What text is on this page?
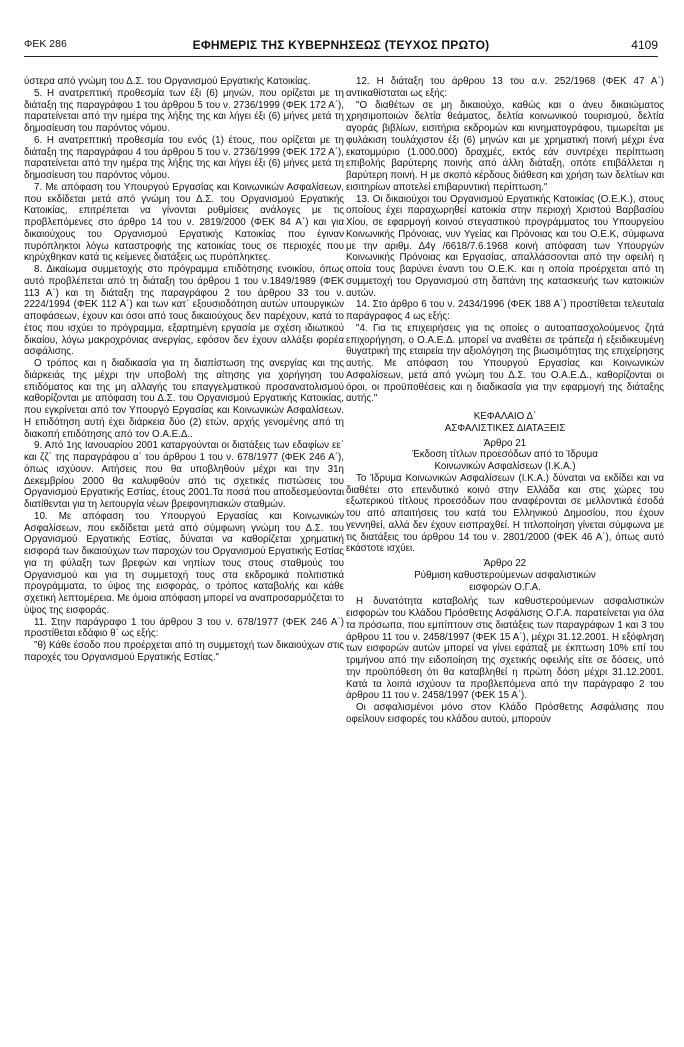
ΦΕΚ 286	ΕΦΗΜΕΡΙΣ ΤΗΣ ΚΥΒΕΡΝΗΣΕΩΣ (ΤΕΥΧΟΣ ΠΡΩΤΟ)	4109

ύστερα από γνώμη του Δ.Σ. του Οργανισμού Εργατικής Κατοικίας.

5. Η ανατρεπτική προθεσμία των έξι (6) μηνών, που ορίζεται με τη διάταξη της παραγράφου 1 του άρθρου 5 του ν. 2736/1999 (ΦΕΚ 172 Α΄), παρατείνεται από την ημέρα της λήξης της και λήγει έξι (6) μήνες μετά τη δημοσίευση του παρόντος νόμου.

6. Η ανατρεπτική προθεσμία του ενός (1) έτους, που ορίζεται με τη διάταξη της παραγράφου 4 του άρθρου 5 του ν. 2736/1999 (ΦΕΚ 172 Α΄), παρατείνεται από την ημέρα της λήξης της και λήγει έξι (6) μήνες μετά τη δημοσίευση του παρόντος νόμου.

7. Με απόφαση του Υπουργού Εργασίας και Κοινωνικών Ασφαλίσεων, που εκδίδεται μετά από γνώμη του Δ.Σ. του Οργανισμού Εργατικής Κατοικίας, επιτρέπεται να γίνονται ρυθμίσεις ανάλογες με τις προβλεπόμενες στο άρθρο 14 του ν. 2819/2000 (ΦΕΚ 84 Α΄) και για δικαιούχους του Οργανισμού Εργατικής Κατοικίας που έγιναν πυρόπληκτοι λόγω καταστροφής της κατοικίας τους σε περιοχές που κηρύχθηκαν κατά τις κείμενες διατάξεις ως πυρόπληκτες.

8. Δικαίωμα συμμετοχής στο πρόγραμμα επιδότησης ενοικίου, όπως αυτό προβλέπεται από τη διάταξη του άρθρου 1 του ν.1849/1989 (ΦΕΚ 113 Α΄) και τη διάταξη της παραγράφου 2 του άρθρου 33 του ν. 2224/1994 (ΦΕΚ 112 Α΄) και των κατ΄ εξουσιοδότηση αυτών υπουργικών αποφάσεων, έχουν και όσοι από τους δικαιούχους δεν παρέχουν, κατά το έτος που ισχύει το πρόγραμμα, εξαρτημένη εργασία με σχέση ιδιωτικού δικαίου, λόγω μακροχρόνιας ανεργίας, εφόσον δεν έχουν αλλάξει φορέα ασφάλισης.

Ο τρόπος και η διαδικασία για τη διαπίστωση της ανεργίας και της διάρκειάς της μέχρι την υποβολή της αίτησης για χορήγηση του επιδόματος και της μη αλλαγής του επαγγελματικού προσανατολισμού καθορίζονται με απόφαση του Δ.Σ. του Οργανισμού Εργατικής Κατοικίας, που εγκρίνεται από τον Υπουργό Εργασίας και Κοινωνικών Ασφαλίσεων. Η επιδότηση αυτή έχει διάρκεια δύο (2) ετών, αρχής γενομένης από τη διακοπή επιδότησης από τον Ο.Α.Ε.Δ..

9. Από 1ης Ιανουαρίου 2001 καταργούνται οι διατάξεις των εδαφίων εε΄ και ζζ΄ της παραγράφου α΄ του άρθρου 1 του ν. 678/1977 (ΦΕΚ 246 Α΄), όπως ισχύουν. Αιτήσεις που θα υποβληθούν μέχρι και την 31η Δεκεμβρίου 2000 θα καλυφθούν από τις σχετικές πιστώσεις του Οργανισμού Εργατικής Εστίας, έτους 2001.Τα ποσά που αποδεσμεύονται διατίθενται για τη λειτουργία νέων βρεφονηπιακών σταθμών.

10. Με απόφαση του Υπουργού Εργασίας και Κοινωνικών Ασφαλίσεων, που εκδίδεται μετά από σύμφωνη γνώμη του Δ.Σ. του Οργανισμού Εργατικής Εστίας, δύναται να καθορίζεται χρηματική εισφορά των δικαιούχων των παροχών του Οργανισμού Εργατικής Εστίας για τη φύλαξη των βρεφών και νηπίων τους στους σταθμούς του Οργανισμού και για τη συμμετοχή τους στα εκδρομικά πολιτιστικά προγράμματα, το ύψος της εισφοράς, ο τρόπος καταβολής και κάθε σχετική λεπτομέρεια. Με όμοια απόφαση μπορεί να αναπροσαρμόζεται το ύψος της εισφοράς.

11. Στην παράγραφο 1 του άρθρου 3 του ν. 678/1977 (ΦΕΚ 246 Α΄) προστίθεται εδάφιο θ΄ ως εξής:

"θ) Κάθε έσοδο που προέρχεται από τη συμμετοχή των δικαιούχων στις παροχές του Οργανισμού Εργατικής Εστίας."

12. Η διάταξη του άρθρου 13 του α.ν. 252/1968 (ΦΕΚ 47 Α΄) αντικαθίσταται ως εξής:

"Ο διαθέτων σε μη δικαιούχο, καθώς και ο άνευ δικαιώματος χρησιμοποιών δελτία θεάματος, δελτία κοινωνικού τουρισμού, δελτία αγοράς βιβλίων, εισιτήρια εκδρομών και κινηματογράφου, τιμωρείται με φυλάκιση τουλάχιστον έξι (6) μηνών και με χρηματική ποινή μέχρι ένα εκατομμύριο (1.000.000) δραχμές, εκτός εάν συντρέχει περίπτωση επιβολής βαρύτερης ποινής από άλλη διάταξη, οπότε επιβάλλεται η βαρύτερη ποινή. Η με σκοπό κέρδους διάθεση και χρήση των δελτίων και εισιτηρίων αποτελεί επιβαρυντική περίπτωση."

13. Οι δικαιούχοι του Οργανισμού Εργατικής Κατοικίας (Ο.Ε.Κ.), στους οποίους έχει παραχωρηθεί κατοικία στην περιοχή Χριστού Βαρβασίου Χίου, σε εφαρμογή κοινού στεγαστικού προγράμματος του Υπουργείου Κοινωνικής Πρόνοιας, νυν Υγείας και Πρόνοιας και του Ο.Ε.Κ, σύμφωνα με την αριθμ. Δ4γ /6618/7.6.1968 κοινή απόφαση των Υπουργών Κοινωνικής Πρόνοιας και Εργασίας, απαλλάσσονται από την οφειλή η οποία τους βαρύνει έναντι του Ο.Ε.Κ. και η οποία προέρχεται από τη συμμετοχή του Οργανισμού στη δαπάνη της κατασκευής των κατοικιών αυτών.

14. Στο άρθρο 6 του ν. 2434/1996 (ΦΕΚ 188 Α΄) προστίθεται τελευταία παράγραφος 4 ως εξής:

"4. Για τις επιχειρήσεις για τις οποίες ο αυτοαπασχολούμενος ζητά επιχορήγηση, ο Ο.Α.Ε.Δ. μπορεί να αναθέτει σε τράπεζα ή εξειδικευμένη θυγατρική της εταιρεία την αξιολόγηση της βιωσιμότητας της επιχείρησης αυτής. Με απόφαση του Υπουργού Εργασίας και Κοινωνικών Ασφαλίσεων, μετά από γνώμη του Δ.Σ. του Ο.Α.Ε.Δ., καθορίζονται οι όροι, οι προϋποθέσεις και η διαδικασία για την εφαρμογή της διάταξης αυτής."

ΚΕΦΑΛΑΙΟ Δ΄

ΑΣΦΑΛΙΣΤΙΚΕΣ ΔΙΑΤΑΞΕΙΣ

Άρθρο 21

Έκδοση τίτλων προεσόδων από το Ίδρυμα

Κοινωνικών Ασφαλίσεων (Ι.Κ.Α.)

Το Ίδρυμα Κοινωνικών Ασφαλίσεων (Ι.Κ.Α.) δύναται να εκδίδει και να διαθέτει στο επενδυτικό κοινό στην Ελλάδα και στις χώρες του εξωτερικού τίτλους προεσόδων που αναφέρονται σε μελλοντικά έσοδά του από απαιτήσεις του κατά του Ελληνικού Δημοσίου, που έχουν γεννηθεί, αλλά δεν έχουν εισπραχθεί. Η τιτλοποίηση γίνεται σύμφωνα με τις διατάξεις του άρθρου 14 του ν. 2801/2000 (ΦΕΚ 46 Α΄), όπως αυτό εκάστοτε ισχύει.

Άρθρο 22

Ρύθμιση καθυστερούμενων ασφαλιστικών

εισφορών Ο.Γ.Α.

Η δυνατότητα καταβολής των καθυστερούμενων ασφαλιστικών εισφορών του Κλάδου Πρόσθετης Ασφάλισης Ο.Γ.Α. παρατείνεται για όλα τα πρόσωπα, που εμπίπτουν στις διατάξεις των παραγράφων 1 και 3 του άρθρου 11 του ν. 2458/1997 (ΦΕΚ 15 Α΄), μέχρι 31.12.2001. Η εξόφληση των εισφορών αυτών μπορεί να γίνει εφάπαξ με έκπτωση 10% επί του τριμήνου από την ειδοποίηση της σχετικής οφειλής είτε σε δόσεις, υπό την προϋπόθεση ότι θα καταβληθεί η πρώτη δόση μέχρι 31.12.2001. Κατά τα λοιπά ισχύουν τα προβλεπόμενα από την παράγραφο 2 του άρθρου 11 του ν. 2458/1997 (ΦΕΚ 15 Α΄).

Οι ασφαλισμένοι μόνο στον Κλάδο Πρόσθετης Ασφάλισης που οφείλουν εισφορές του κλάδου αυτού, μπορούν
